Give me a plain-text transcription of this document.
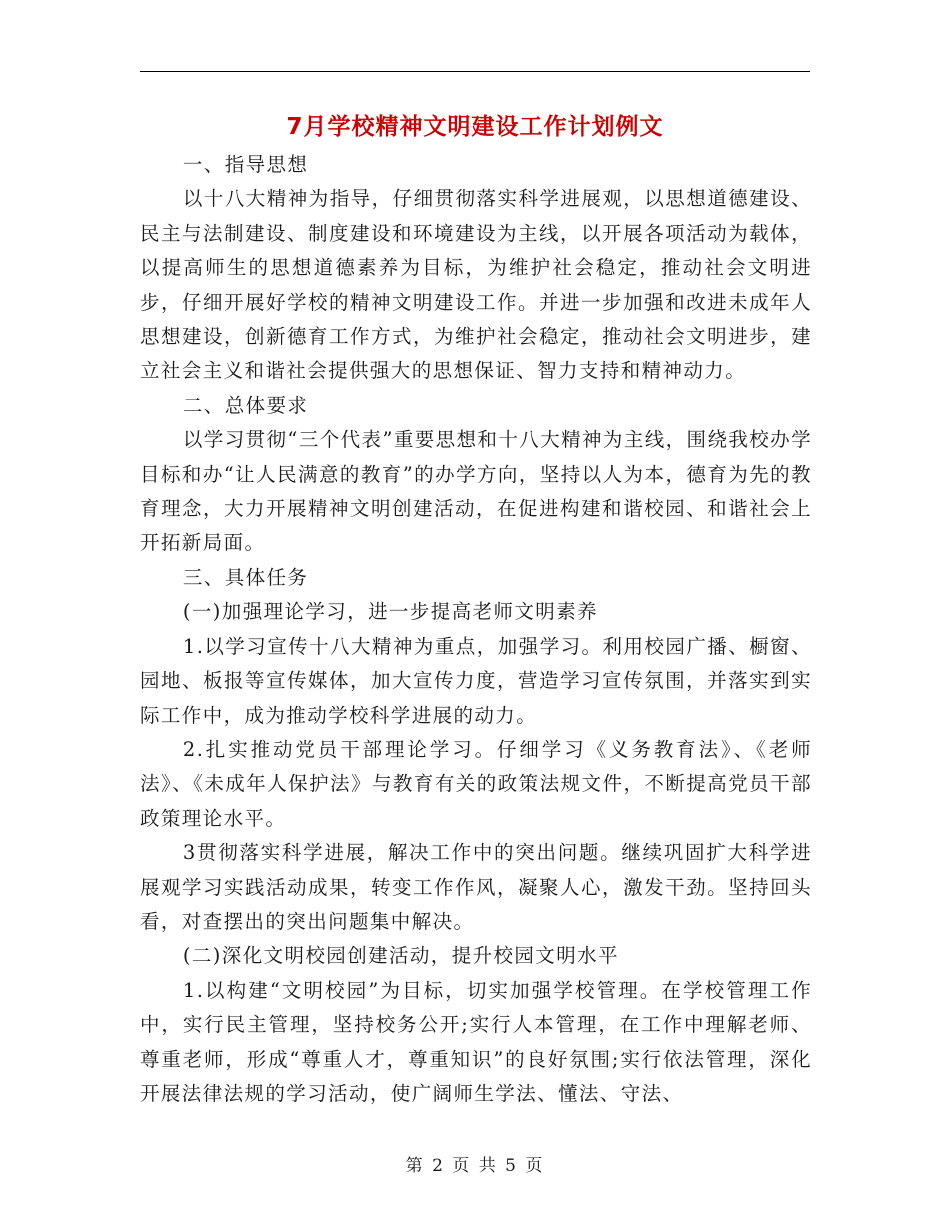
7月学校精神文明建设工作计划例文

一、指导思想

以十八大精神为指导，仔细贯彻落实科学进展观，以思想道德建设、民主与法制建设、制度建设和环境建设为主线，以开展各项活动为载体，以提高师生的思想道德素养为目标，为维护社会稳定，推动社会文明进步，仔细开展好学校的精神文明建设工作。并进一步加强和改进未成年人思想建设，创新德育工作方式，为维护社会稳定，推动社会文明进步，建立社会主义和谐社会提供强大的思想保证、智力支持和精神动力。

二、总体要求

以学习贯彻“三个代表”重要思想和十八大精神为主线，围绕我校办学目标和办“让人民满意的教育”的办学方向，坚持以人为本，德育为先的教育理念，大力开展精神文明创建活动，在促进构建和谐校园、和谐社会上开拓新局面。

三、具体任务

(一)加强理论学习，进一步提高老师文明素养

1.以学习宣传十八大精神为重点，加强学习。利用校园广播、橱窗、园地、板报等宣传媒体，加大宣传力度，营造学习宣传氛围，并落实到实际工作中，成为推动学校科学进展的动力。

2.扎实推动党员干部理论学习。仔细学习《义务教育法》、《老师法》、《未成年人保护法》与教育有关的政策法规文件，不断提高党员干部政策理论水平。

3贯彻落实科学进展，解决工作中的突出问题。继续巩固扩大科学进展观学习实践活动成果，转变工作作风，凝聚人心，激发干劲。坚持回头看，对查摆出的突出问题集中解决。

(二)深化文明校园创建活动，提升校园文明水平

1.以构建“文明校园”为目标，切实加强学校管理。在学校管理工作中，实行民主管理，坚持校务公开;实行人本管理，在工作中理解老师、尊重老师，形成“尊重人才，尊重知识”的良好氛围;实行依法管理，深化开展法律法规的学习活动，使广阔师生学法、懂法、守法、

第 2 页 共 5 页
